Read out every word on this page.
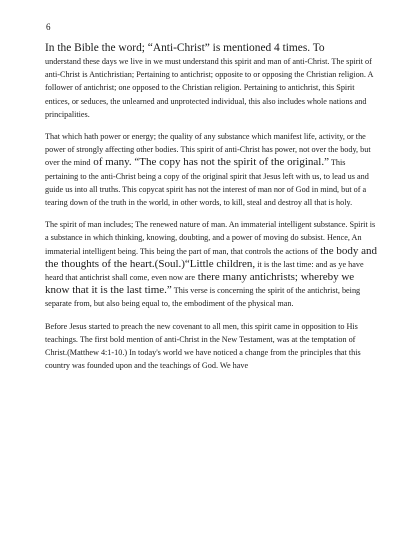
6

In the Bible the word; “Anti-Christ” is mentioned 4 times. To
understand these days we live in we must understand this spirit and man of anti-Christ. The spirit of anti-Christ is Antichristian; Pertaining to antichrist; opposite to or opposing the Christian religion. A follower of antichrist; one opposed to the Christian religion. Pertaining to antichrist, this Spirit entices, or seduces, the unlearned and unprotected individual, this also includes whole nations and principalities.

That which hath power or energy; the quality of any substance which manifest life, activity, or the power of strongly affecting other bodies. This spirit of anti-Christ has power, not over the body, but over the mind of many. “The copy has not the spirit of the original.” This pertaining to the anti-Christ being a copy of the original spirit that Jesus left with us, to lead us and guide us into all truths. This copycat spirit has not the interest of man nor of God in mind, but of a tearing down of the truth in the world, in other words, to kill, steal and destroy all that is holy.

The spirit of man includes; The renewed nature of man. An immaterial intelligent substance. Spirit is a substance in which thinking, knowing, doubting, and a power of moving do subsist. Hence, An immaterial intelligent being. This being the part of man, that controls the actions of the body and the thoughts of the heart.(Soul.)“Little children, it is the last time: and as ye have heard that antichrist shall come, even now are there many antichrists; whereby we know that it is the last time.” This verse is concerning the spirit of the antichrist, being separate from, but also being equal to, the embodiment of the physical man.

Before Jesus started to preach the new covenant to all men, this spirit came in opposition to His teachings. The first bold mention of anti-Christ in the New Testament, was at the temptation of Christ.(Matthew 4:1-10.) In today's world we have noticed a change from the principles that this country was founded upon and the teachings of God. We have
